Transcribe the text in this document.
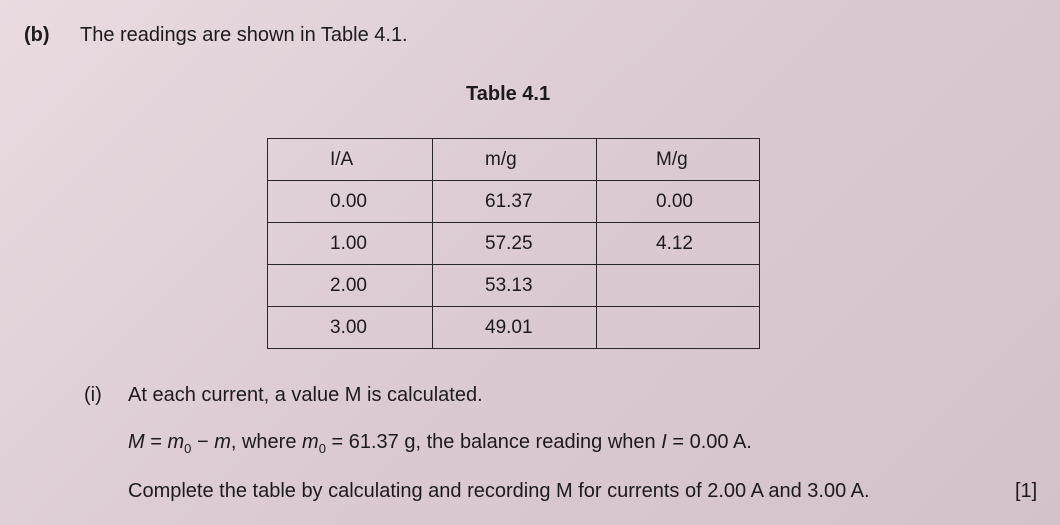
(b) The readings are shown in Table 4.1.
Table 4.1
I/A	m/g	M/g
0.00	61.37	0.00
1.00	57.25	4.12
2.00	53.13	
3.00	49.01	
(i) At each current, a value M is calculated.
$M = m_0 - m$, where $m_0 = 61.37$ g, the balance reading when I = 0.00 A.
Complete the table by calculating and recording M for currents of 2.00 A and 3.00 A.	[1]
